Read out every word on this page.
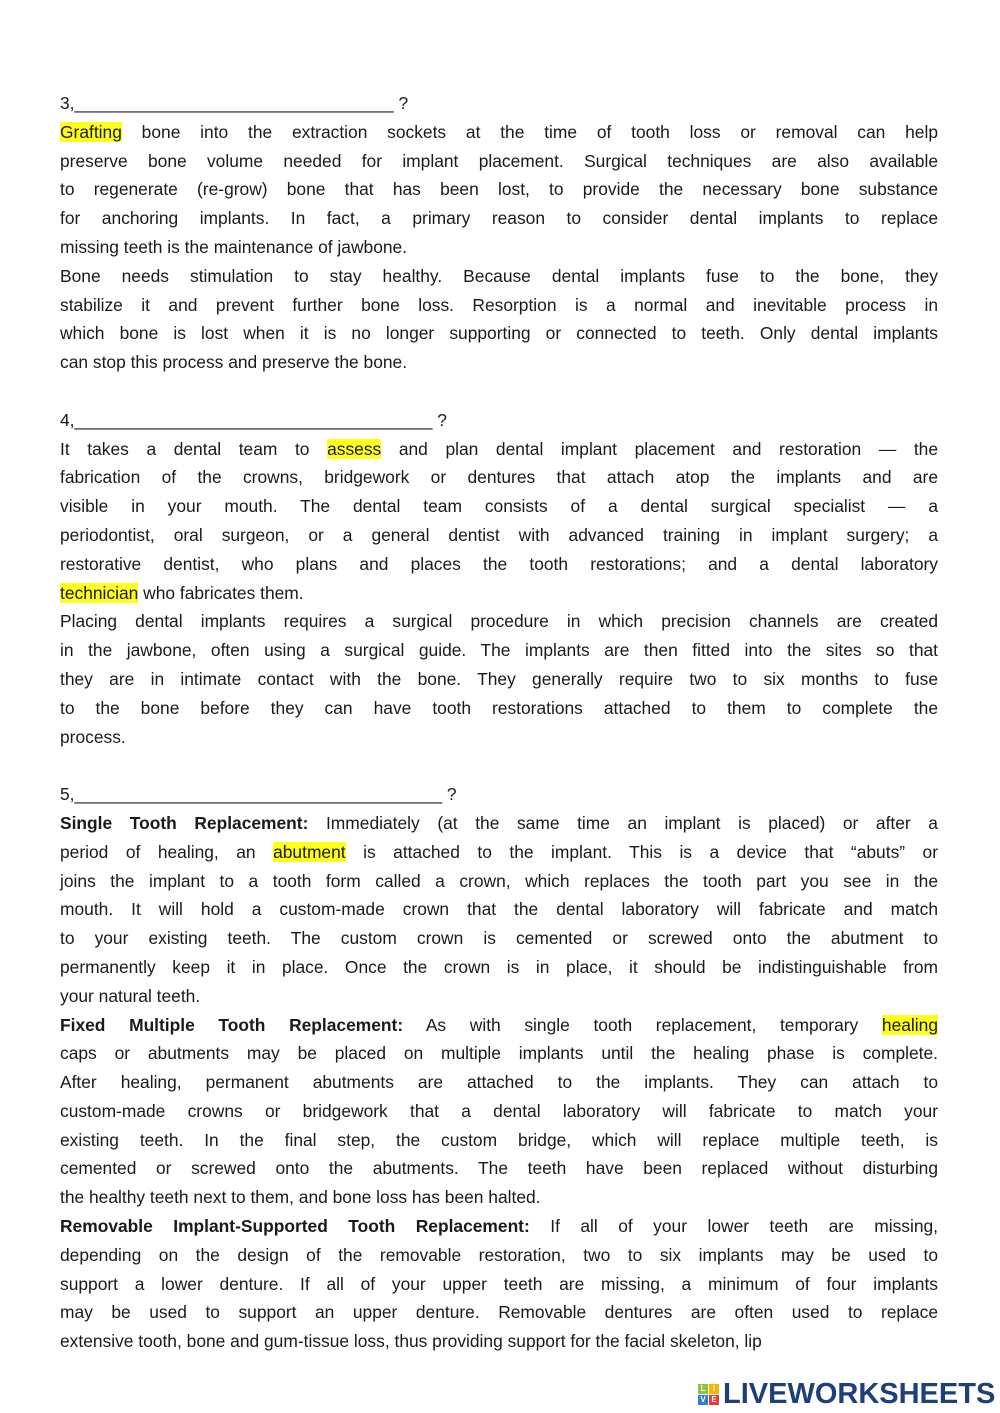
3,_________________________________ ?
Grafting bone into the extraction sockets at the time of tooth loss or removal can help
preserve bone volume needed for implant placement. Surgical techniques are also available
to regenerate (re-grow) bone that has been lost, to provide the necessary bone substance
for anchoring implants. In fact, a primary reason to consider dental implants to replace
missing teeth is the maintenance of jawbone.
Bone needs stimulation to stay healthy. Because dental implants fuse to the bone, they
stabilize it and prevent further bone loss. Resorption is a normal and inevitable process in
which bone is lost when it is no longer supporting or connected to teeth. Only dental implants
can stop this process and preserve the bone.
4,_____________________________________ ?
It takes a dental team to assess and plan dental implant placement and restoration — the
fabrication of the crowns, bridgework or dentures that attach atop the implants and are
visible in your mouth. The dental team consists of a dental surgical specialist — a
periodontist, oral surgeon, or a general dentist with advanced training in implant surgery; a
restorative dentist, who plans and places the tooth restorations; and a dental laboratory
technician who fabricates them.
Placing dental implants requires a surgical procedure in which precision channels are created
in the jawbone, often using a surgical guide. The implants are then fitted into the sites so that
they are in intimate contact with the bone. They generally require two to six months to fuse
to the bone before they can have tooth restorations attached to them to complete the
process.
5,______________________________________ ?
Single Tooth Replacement: Immediately (at the same time an implant is placed) or after a
period of healing, an abutment is attached to the implant. This is a device that “abuts” or
joins the implant to a tooth form called a crown, which replaces the tooth part you see in the
mouth. It will hold a custom-made crown that the dental laboratory will fabricate and match
to your existing teeth. The custom crown is cemented or screwed onto the abutment to
permanently keep it in place. Once the crown is in place, it should be indistinguishable from
your natural teeth.
Fixed Multiple Tooth Replacement: As with single tooth replacement, temporary healing
caps or abutments may be placed on multiple implants until the healing phase is complete.
After healing, permanent abutments are attached to the implants. They can attach to
custom-made crowns or bridgework that a dental laboratory will fabricate to match your
existing teeth. In the final step, the custom bridge, which will replace multiple teeth, is
cemented or screwed onto the abutments. The teeth have been replaced without disturbing
the healthy teeth next to them, and bone loss has been halted.
Removable Implant-Supported Tooth Replacement: If all of your lower teeth are missing,
depending on the design of the removable restoration, two to six implants may be used to
support a lower denture. If all of your upper teeth are missing, a minimum of four implants
may be used to support an upper denture. Removable dentures are often used to replace
extensive tooth, bone and gum-tissue loss, thus providing support for the facial skeleton, lip
L I
V E LIVEWORKSHEETS
